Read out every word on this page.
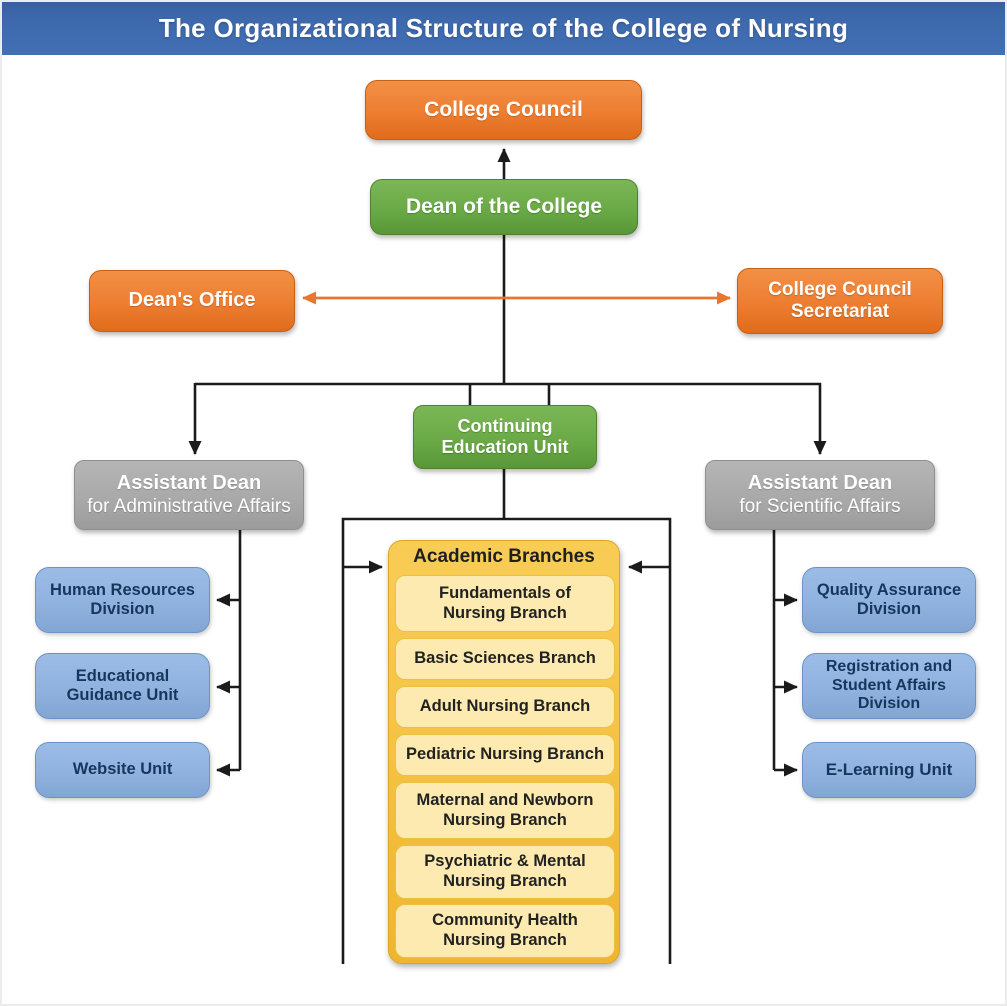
The Organizational Structure of the College of Nursing
College Council
Dean of the College
Dean's Office
College Council
Secretariat
Continuing
Education Unit
Assistant Dean
for Administrative Affairs
Assistant Dean
for Scientific Affairs
Human Resources
Division
Educational
Guidance Unit
Website Unit
Quality Assurance
Division
Registration and
Student Affairs Division
E-Learning Unit
Academic Branches
Fundamentals of
Nursing Branch
Basic Sciences Branch
Adult Nursing Branch
Pediatric Nursing Branch
Maternal and Newborn
Nursing Branch
Psychiatric & Mental
Nursing Branch
Community Health
Nursing Branch
